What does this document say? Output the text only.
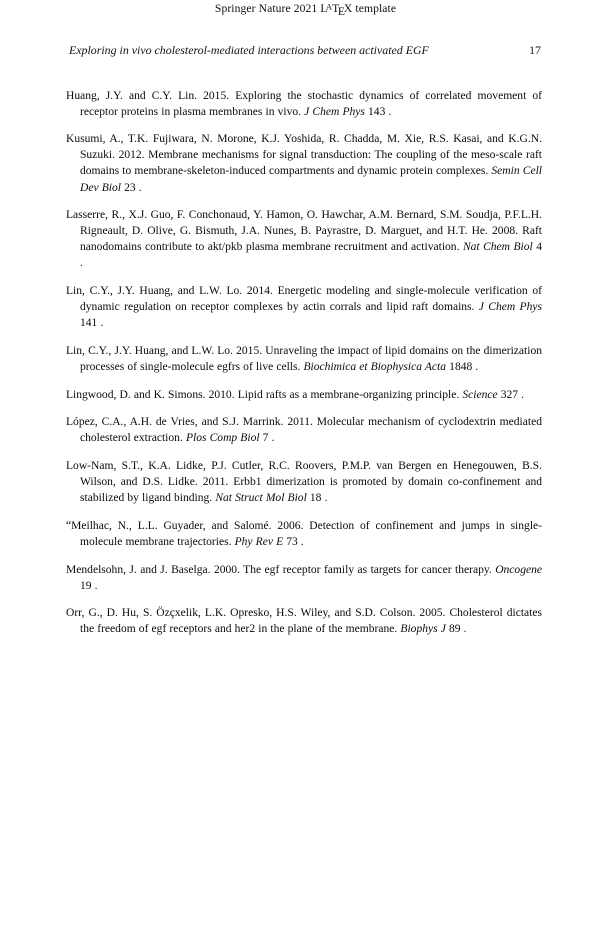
Springer Nature 2021 $L^ATEX$ template
Exploring in vivo cholesterol-mediated interactions between activated EGF	17

Huang, J.Y. and C.Y. Lin. 2015. Exploring the stochastic dynamics of correlated movement of receptor proteins in plasma membranes in vivo. J Chem Phys 143 .

Kusumi, A., T.K. Fujiwara, N. Morone, K.J. Yoshida, R. Chadda, M. Xie, R.S. Kasai, and K.G.N. Suzuki. 2012. Membrane mechanisms for signal transduction: The coupling of the meso-scale raft domains to membrane-skeleton-induced compartments and dynamic protein complexes. Semin Cell Dev Biol 23 .

Lasserre, R., X.J. Guo, F. Conchonaud, Y. Hamon, O. Hawchar, A.M. Bernard, S.M. Soudja, P.F.L.H. Rigneault, D. Olive, G. Bismuth, J.A. Nunes, B. Payrastre, D. Marguet, and H.T. He. 2008. Raft nanodomains contribute to akt/pkb plasma membrane recruitment and activation. Nat Chem Biol 4 .

Lin, C.Y., J.Y. Huang, and L.W. Lo. 2014. Energetic modeling and single-molecule verification of dynamic regulation on receptor complexes by actin corrals and lipid raft domains. J Chem Phys 141 .

Lin, C.Y., J.Y. Huang, and L.W. Lo. 2015. Unraveling the impact of lipid domains on the dimerization processes of single-molecule egfrs of live cells. Biochimica et Biophysica Acta 1848 .

Lingwood, D. and K. Simons. 2010. Lipid rafts as a membrane-organizing principle. Science 327 .

López, C.A., A.H. de Vries, and S.J. Marrink. 2011. Molecular mechanism of cyclodextrin mediated cholesterol extraction. Plos Comp Biol 7 .

Low-Nam, S.T., K.A. Lidke, P.J. Cutler, R.C. Roovers, P.M.P. van Bergen en Henegouwen, B.S. Wilson, and D.S. Lidke. 2011. Erbb1 dimerization is promoted by domain co-confinement and stabilized by ligand binding. Nat Struct Mol Biol 18 .

“Meilhac, N., L.L. Guyader, and Salomé. 2006. Detection of confinement and jumps in single-molecule membrane trajectories. Phy Rev E 73 .

Mendelsohn, J. and J. Baselga. 2000. The egf receptor family as targets for cancer therapy. Oncogene 19 .

Orr, G., D. Hu, S. Özçxelik, L.K. Opresko, H.S. Wiley, and S.D. Colson. 2005. Cholesterol dictates the freedom of egf receptors and her2 in the plane of the membrane. Biophys J 89 .
